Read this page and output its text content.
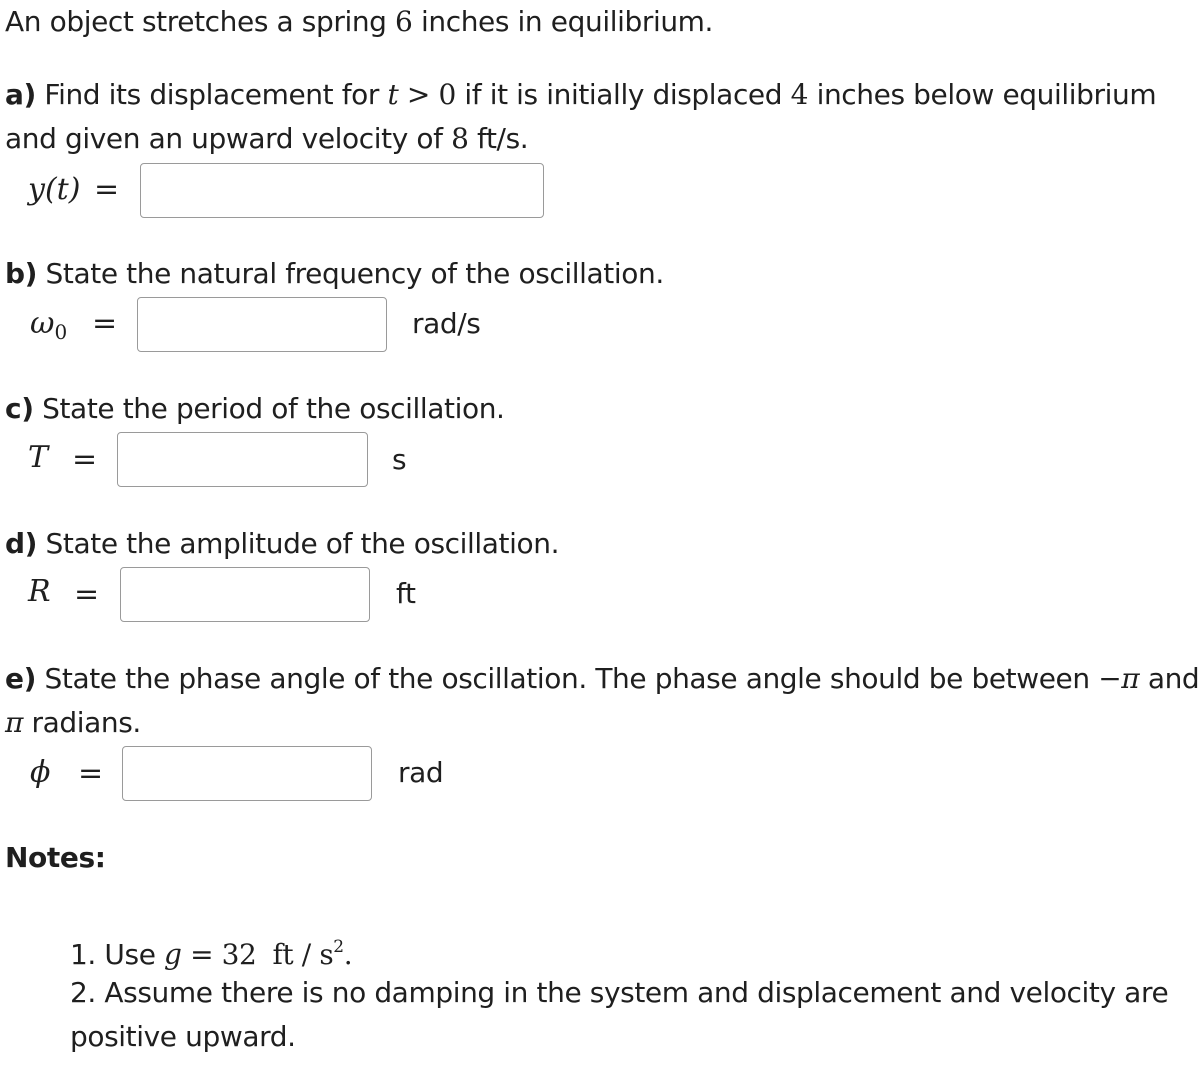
An object stretches a spring 6 inches in equilibrium.

a) Find its displacement for t > 0 if it is initially displaced 4 inches below equilibrium

and given an upward velocity of 8 ft/s.

y(t) =

b) State the natural frequency of the oscillation.

$\omega_0$ =	rad/s

c) State the period of the oscillation.

T =	s

d) State the amplitude of the oscillation.

R =	ft

e) State the phase angle of the oscillation. The phase angle should be between −π and

π radians.

ϕ =	rad

Notes:

1. Use g = 32 ft / $s^2$.

2. Assume there is no damping in the system and displacement and velocity are

positive upward.
